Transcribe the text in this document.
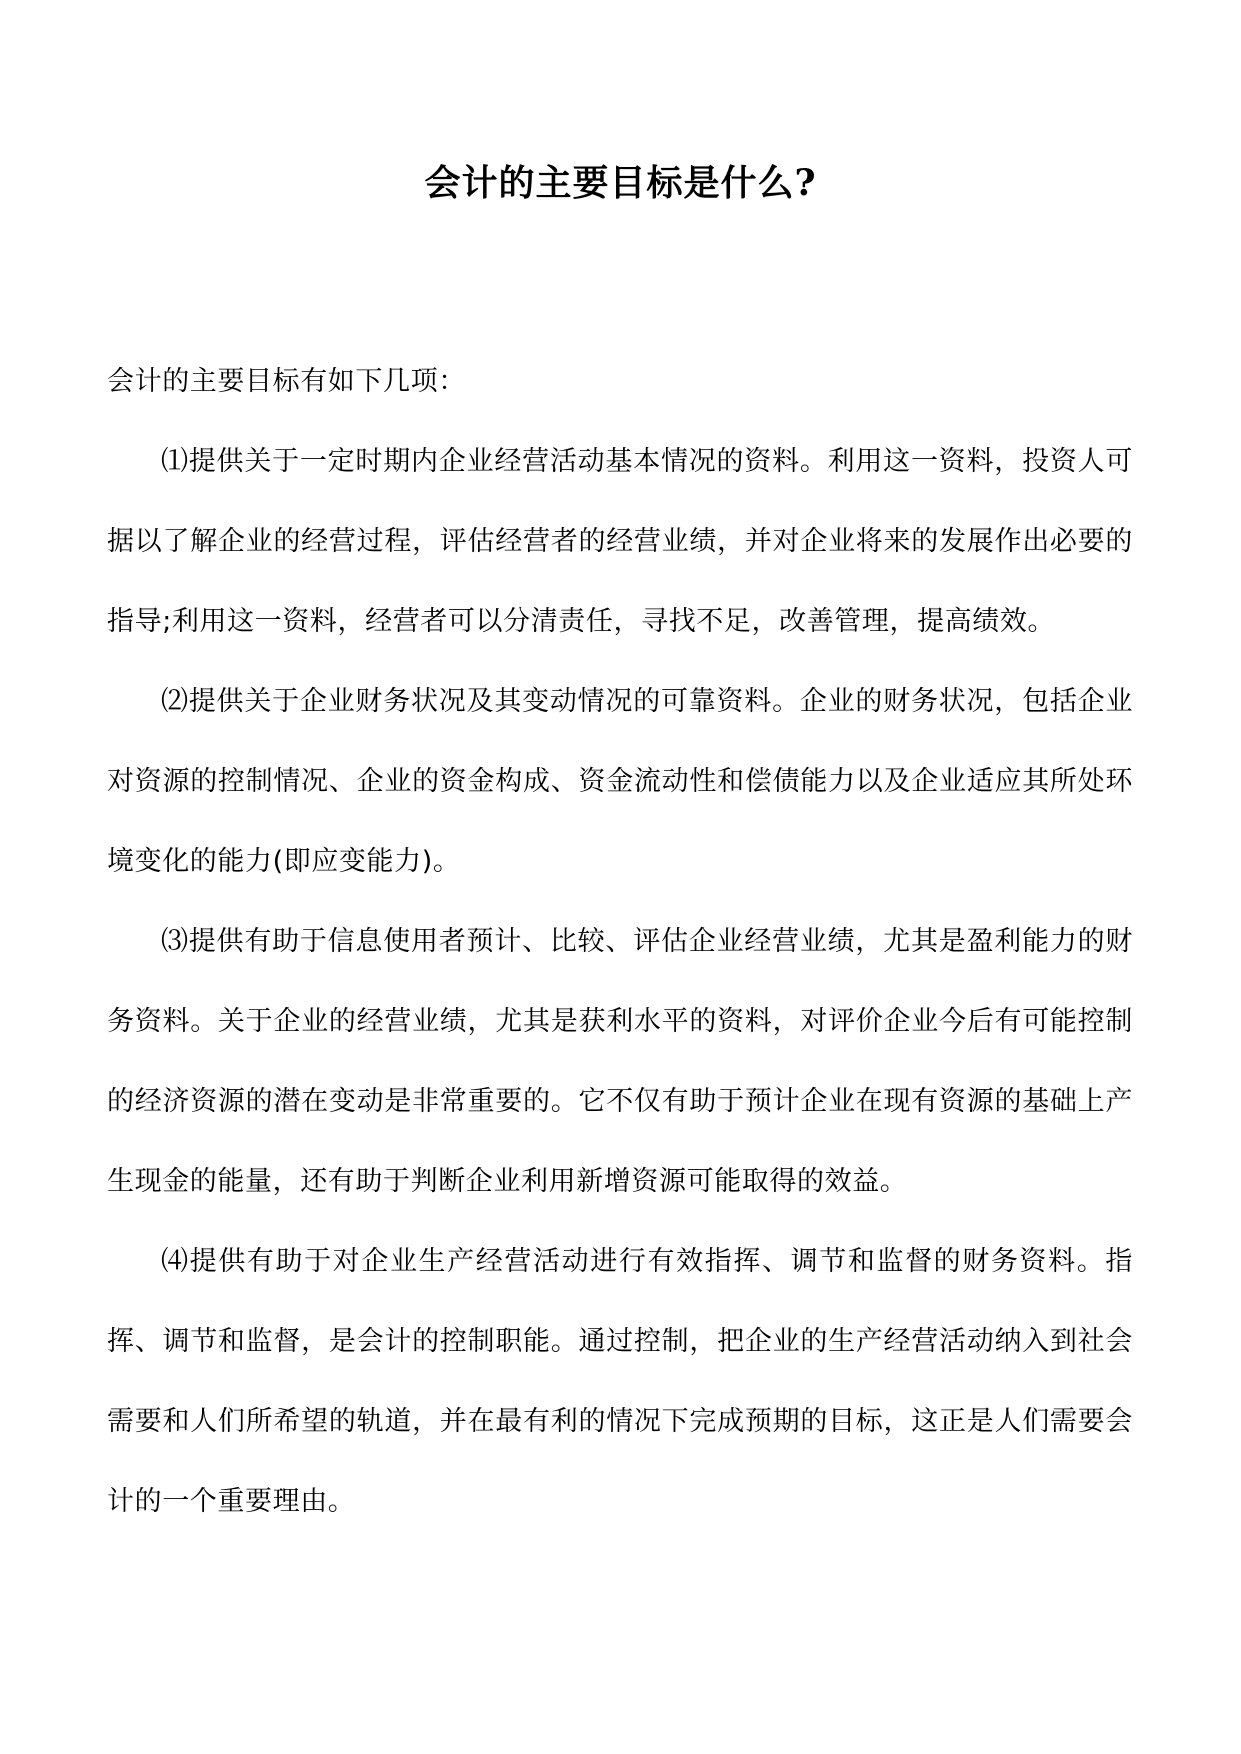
会计的主要目标是什么?

会计的主要目标有如下几项：

⑴提供关于一定时期内企业经营活动基本情况的资料。利用这一资料，投资人可据以了解企业的经营过程，评估经营者的经营业绩，并对企业将来的发展作出必要的指导;利用这一资料，经营者可以分清责任，寻找不足，改善管理，提高绩效。

⑵提供关于企业财务状况及其变动情况的可靠资料。企业的财务状况，包括企业对资源的控制情况、企业的资金构成、资金流动性和偿债能力以及企业适应其所处环境变化的能力(即应变能力)。

⑶提供有助于信息使用者预计、比较、评估企业经营业绩，尤其是盈利能力的财务资料。关于企业的经营业绩，尤其是获利水平的资料，对评价企业今后有可能控制的经济资源的潜在变动是非常重要的。它不仅有助于预计企业在现有资源的基础上产生现金的能量，还有助于判断企业利用新增资源可能取得的效益。

⑷提供有助于对企业生产经营活动进行有效指挥、调节和监督的财务资料。指挥、调节和监督，是会计的控制职能。通过控制，把企业的生产经营活动纳入到社会需要和人们所希望的轨道，并在最有利的情况下完成预期的目标，这正是人们需要会计的一个重要理由。
